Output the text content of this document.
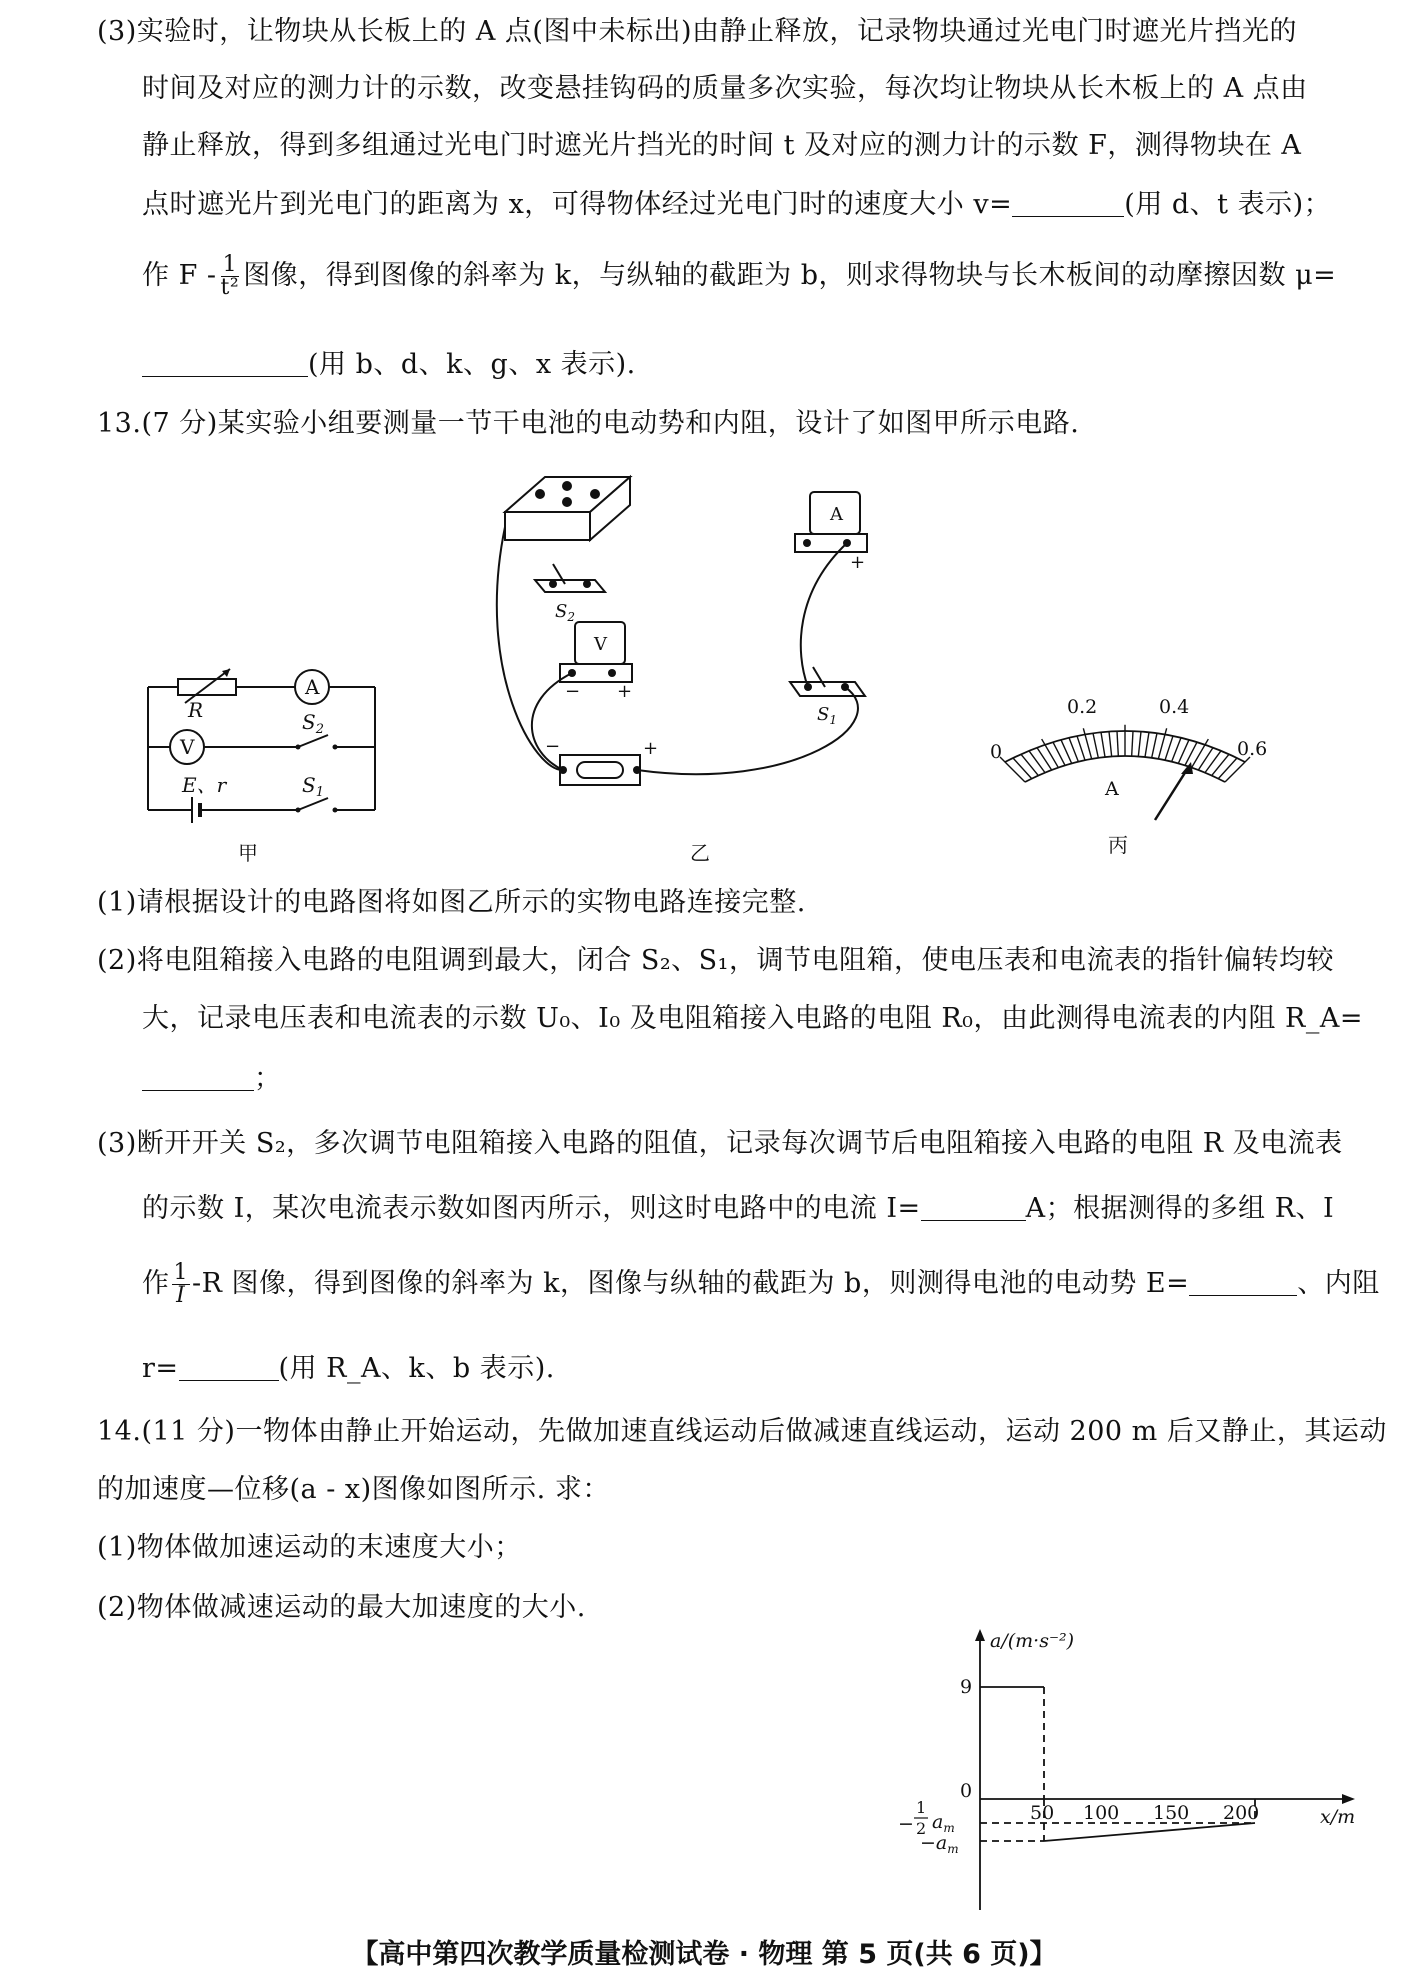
(3)实验时，让物块从长板上的 A 点(图中未标出)由静止释放，记录物块通过光电门时遮光片挡光的
时间及对应的测力计的示数，改变悬挂钩码的质量多次实验，每次均让物块从长木板上的 A 点由
静止释放，得到多组通过光电门时遮光片挡光的时间 t 及对应的测力计的示数 F，测得物块在 A
点时遮光片到光电门的距离为 x，可得物体经过光电门时的速度大小 v=	(用 d、t 表示)；
作 F - $\frac{1}{\text{t²}}$ 图像，得到图像的斜率为 k，与纵轴的截距为 b，则求得物块与长木板间的动摩擦因数 μ=
(用 b、d、k、g、x 表示).
13.(7 分)某实验小组要测量一节干电池的电动势和内阻，设计了如图甲所示电路.
R
A
V
$S_2$
E、r	$S_1$
甲
A
V
+
+
−
−	+
$S_2$
$S_1$
乙
0
0.2	0.4
0.6
A
丙
(1)请根据设计的电路图将如图乙所示的实物电路连接完整.
(2)将电阻箱接入电路的电阻调到最大，闭合 S₂、S₁，调节电阻箱，使电压表和电流表的指针偏转均较
大，记录电压表和电流表的示数 U₀、I₀ 及电阻箱接入电路的电阻 R₀，由此测得电流表的内阻 R_A=
；
(3)断开开关 S₂，多次调节电阻箱接入电路的阻值，记录每次调节后电阻箱接入电路的电阻 R 及电流表
的示数 I，某次电流表示数如图丙所示，则这时电路中的电流 I=	A；根据测得的多组 R、I
作 $\frac{1}{I} -R$ 图像，得到图像的斜率为 k，图像与纵轴的截距为 b，则测得电池的电动势 E=	、内阻
r=	(用 R_A、k、b 表示).
14.(11 分)一物体由静止开始运动，先做加速直线运动后做减速直线运动，运动 200 m 后又静止，其运动
的加速度—位移(a - x)图像如图所示. 求：
(1)物体做加速运动的末速度大小；
(2)物体做减速运动的最大加速度的大小.
a/(m·s⁻²)
x/m
9
0
50 100 150 200
−
1
2 $a_m$
$-a_m$
【高中第四次教学质量检测试卷 · 物理 第 5 页(共 6 页)】
